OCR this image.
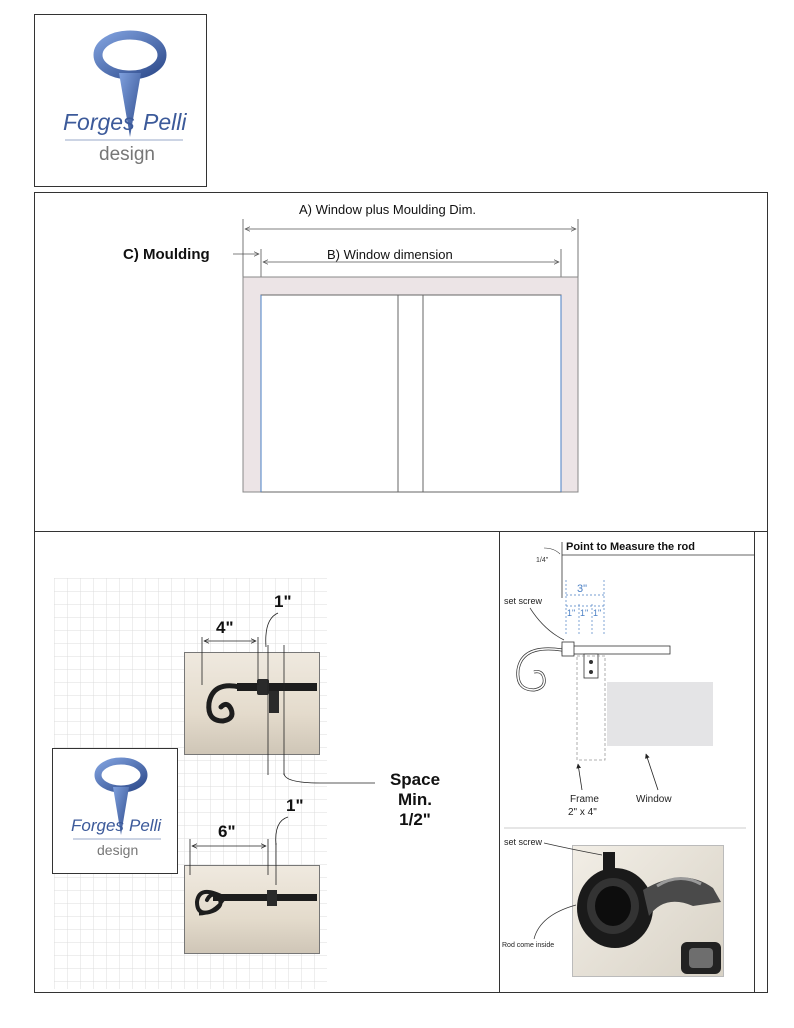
Forges Pelli
design
A) Window plus Moulding Dim.
B) Window dimension
C) Moulding
4"
1"
6"
1"
Space
Min.
1/2"
Forges Pelli
design
Point to Measure the rod
1/4"
3"
1" 1" 1"
set screw
Frame
2" x 4"
Window
set screw
Rod come inside
